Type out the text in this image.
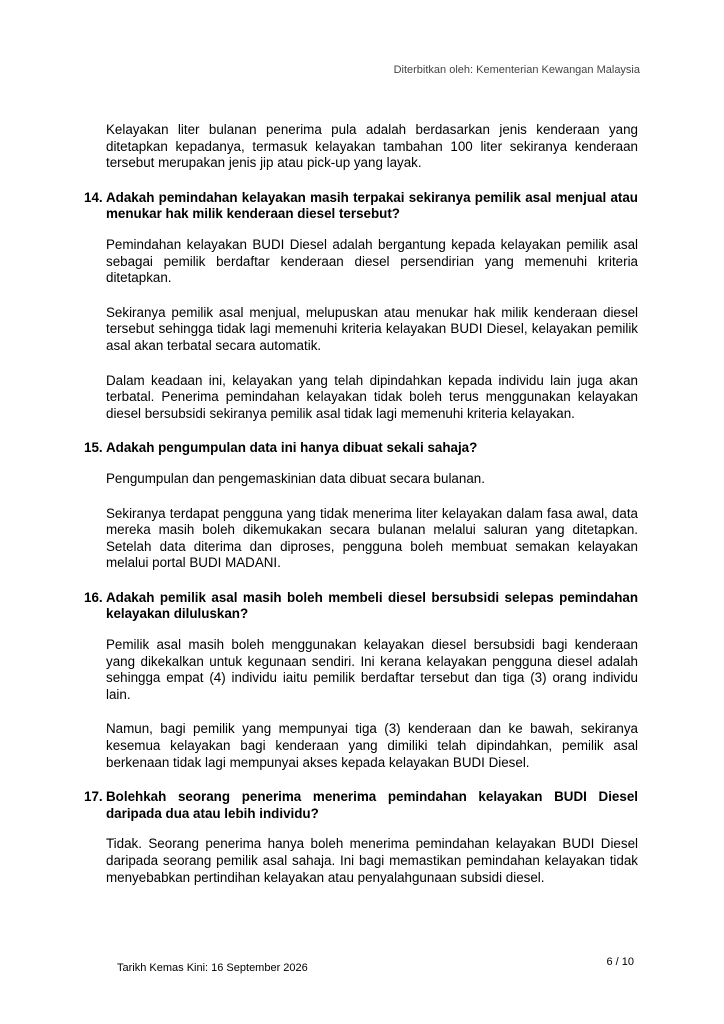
Diterbitkan oleh: Kementerian Kewangan Malaysia

Kelayakan liter bulanan penerima pula adalah berdasarkan jenis kenderaan yang ditetapkan kepadanya, termasuk kelayakan tambahan 100 liter sekiranya kenderaan tersebut merupakan jenis jip atau pick-up yang layak.

14. Adakah pemindahan kelayakan masih terpakai sekiranya pemilik asal menjual atau menukar hak milik kenderaan diesel tersebut?

Pemindahan kelayakan BUDI Diesel adalah bergantung kepada kelayakan pemilik asal sebagai pemilik berdaftar kenderaan diesel persendirian yang memenuhi kriteria ditetapkan.

Sekiranya pemilik asal menjual, melupuskan atau menukar hak milik kenderaan diesel tersebut sehingga tidak lagi memenuhi kriteria kelayakan BUDI Diesel, kelayakan pemilik asal akan terbatal secara automatik.

Dalam keadaan ini, kelayakan yang telah dipindahkan kepada individu lain juga akan terbatal. Penerima pemindahan kelayakan tidak boleh terus menggunakan kelayakan diesel bersubsidi sekiranya pemilik asal tidak lagi memenuhi kriteria kelayakan.

15. Adakah pengumpulan data ini hanya dibuat sekali sahaja?

Pengumpulan dan pengemaskinian data dibuat secara bulanan.

Sekiranya terdapat pengguna yang tidak menerima liter kelayakan dalam fasa awal, data mereka masih boleh dikemukakan secara bulanan melalui saluran yang ditetapkan. Setelah data diterima dan diproses, pengguna boleh membuat semakan kelayakan melalui portal BUDI MADANI.

16. Adakah pemilik asal masih boleh membeli diesel bersubsidi selepas pemindahan kelayakan diluluskan?

Pemilik asal masih boleh menggunakan kelayakan diesel bersubsidi bagi kenderaan yang dikekalkan untuk kegunaan sendiri. Ini kerana kelayakan pengguna diesel adalah sehingga empat (4) individu iaitu pemilik berdaftar tersebut dan tiga (3) orang individu lain.

Namun, bagi pemilik yang mempunyai tiga (3) kenderaan dan ke bawah, sekiranya kesemua kelayakan bagi kenderaan yang dimiliki telah dipindahkan, pemilik asal berkenaan tidak lagi mempunyai akses kepada kelayakan BUDI Diesel.

17. Bolehkah seorang penerima menerima pemindahan kelayakan BUDI Diesel daripada dua atau lebih individu?

Tidak. Seorang penerima hanya boleh menerima pemindahan kelayakan BUDI Diesel daripada seorang pemilik asal sahaja. Ini bagi memastikan pemindahan kelayakan tidak menyebabkan pertindihan kelayakan atau penyalahgunaan subsidi diesel.

Tarikh Kemas Kini: 16 September 2026	6 / 10
